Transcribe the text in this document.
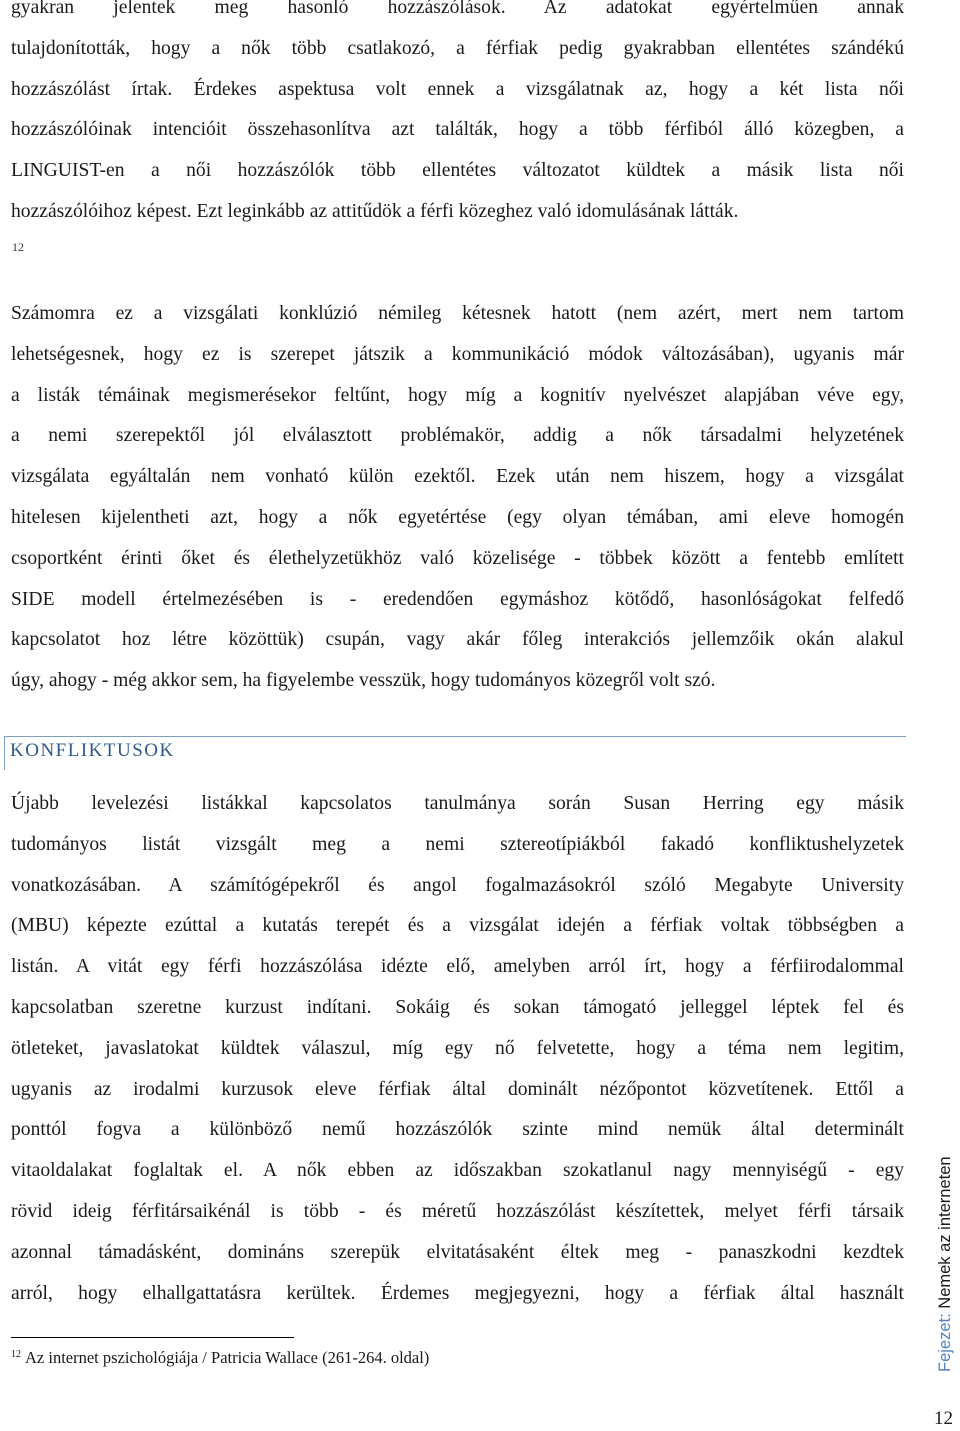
gyakran jelentek meg hasonló hozzászólások. Az adatokat egyértelműen annak
tulajdonították, hogy a nők több csatlakozó, a férfiak pedig gyakrabban ellentétes szándékú
hozzászólást írtak. Érdekes aspektusa volt ennek a vizsgálatnak az, hogy a két lista női
hozzászólóinak intencióit összehasonlítva azt találták, hogy a több férfiból álló közegben, a
LINGUIST-en a női hozzászólók több ellentétes változatot küldtek a másik lista női
hozzászólóihoz képest. Ezt leginkább az attitűdök a férfi közeghez való idomulásának látták.
12
Számomra ez a vizsgálati konklúzió némileg kétesnek hatott (nem azért, mert nem tartom
lehetségesnek, hogy ez is szerepet játszik a kommunikáció módok változásában), ugyanis már
a listák témáinak megismerésekor feltűnt, hogy míg a kognitív nyelvészet alapjában véve egy,
a nemi szerepektől jól elválasztott problémakör, addig a nők társadalmi helyzetének
vizsgálata egyáltalán nem vonható külön ezektől. Ezek után nem hiszem, hogy a vizsgálat
hitelesen kijelentheti azt, hogy a nők egyetértése (egy olyan témában, ami eleve homogén
csoportként érinti őket és élethelyzetükhöz való közelisége - többek között a fentebb említett
SIDE modell értelmezésében is - eredendően egymáshoz kötődő, hasonlóságokat felfedő
kapcsolatot hoz létre közöttük) csupán, vagy akár főleg interakciós jellemzőik okán alakul
úgy, ahogy - még akkor sem, ha figyelembe vesszük, hogy tudományos közegről volt szó.
KONFLIKTUSOK
Újabb levelezési listákkal kapcsolatos tanulmánya során Susan Herring egy másik
tudományos listát vizsgált meg a nemi sztereotípiákból fakadó konfliktushelyzetek
vonatkozásában. A számítógépekről és angol fogalmazásokról szóló Megabyte University
(MBU) képezte ezúttal a kutatás terepét és a vizsgálat idején a férfiak voltak többségben a
listán. A vitát egy férfi hozzászólása idézte elő, amelyben arról írt, hogy a férfiirodalommal
kapcsolatban szeretne kurzust indítani. Sokáig és sokan támogató jelleggel léptek fel és
ötleteket, javaslatokat küldtek válaszul, míg egy nő felvetette, hogy a téma nem legitim,
ugyanis az irodalmi kurzusok eleve férfiak által dominált nézőpontot közvetítenek. Ettől a
ponttól fogva a különböző nemű hozzászólók szinte mind nemük által determinált
vitaoldalakat foglaltak el. A nők ebben az időszakban szokatlanul nagy mennyiségű - egy
rövid ideig férfitársaikénál is több - és méretű hozzászólást készítettek, melyet férfi társaik
azonnal támadásként, domináns szerepük elvitatásaként éltek meg - panaszkodni kezdtek
arról, hogy elhallgattatásra kerültek. Érdemes megjegyezni, hogy a férfiak által használt
$^{12}$ Az internet pszichológiája / Patricia Wallace (261-264. oldal)	Fejezet: Nemek az interneten
12
